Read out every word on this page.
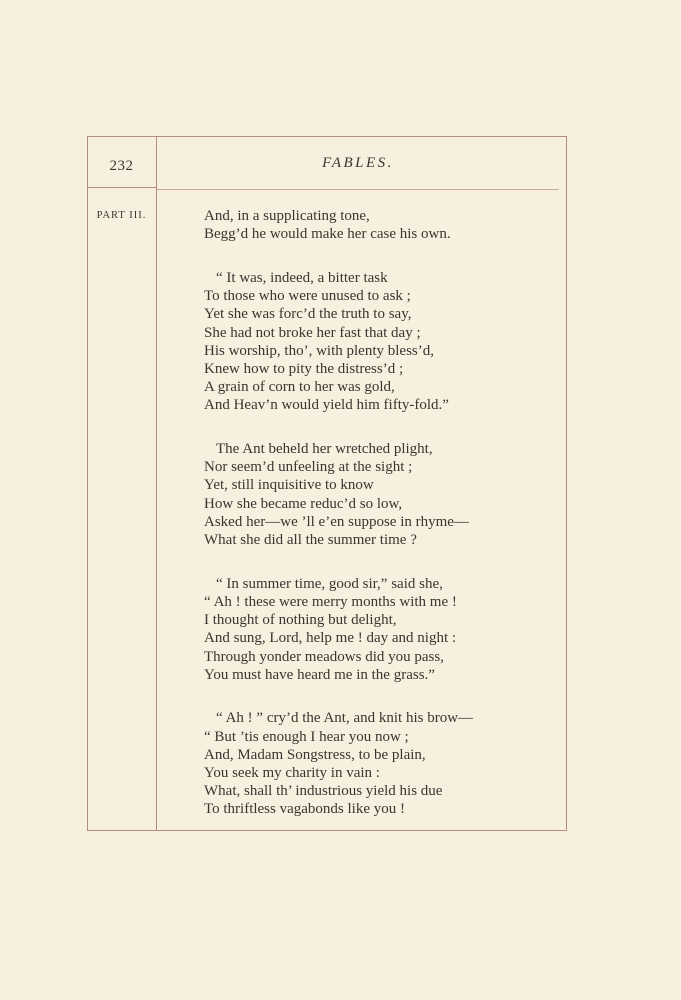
232	FABLES.
PART III.	And, in a supplicating tone,
Begg’d he would make her case his own.
“ It was, indeed, a bitter task
To those who were unused to ask ;
Yet she was forc’d the truth to say,
She had not broke her fast that day ;
His worship, tho’, with plenty bless’d,
Knew how to pity the distress’d ;
A grain of corn to her was gold,
And Heav’n would yield him fifty-fold.”
The Ant beheld her wretched plight,
Nor seem’d unfeeling at the sight ;
Yet, still inquisitive to know
How she became reduc’d so low,
Asked her—we ’ll e’en suppose in rhyme—
What she did all the summer time ?
“ In summer time, good sir,” said she,
“ Ah ! these were merry months with me !
I thought of nothing but delight,
And sung, Lord, help me ! day and night :
Through yonder meadows did you pass,
You must have heard me in the grass.”
“ Ah ! ” cry’d the Ant, and knit his brow—
“ But ’tis enough I hear you now ;
And, Madam Songstress, to be plain,
You seek my charity in vain :
What, shall th’ industrious yield his due
To thriftless vagabonds like you !
